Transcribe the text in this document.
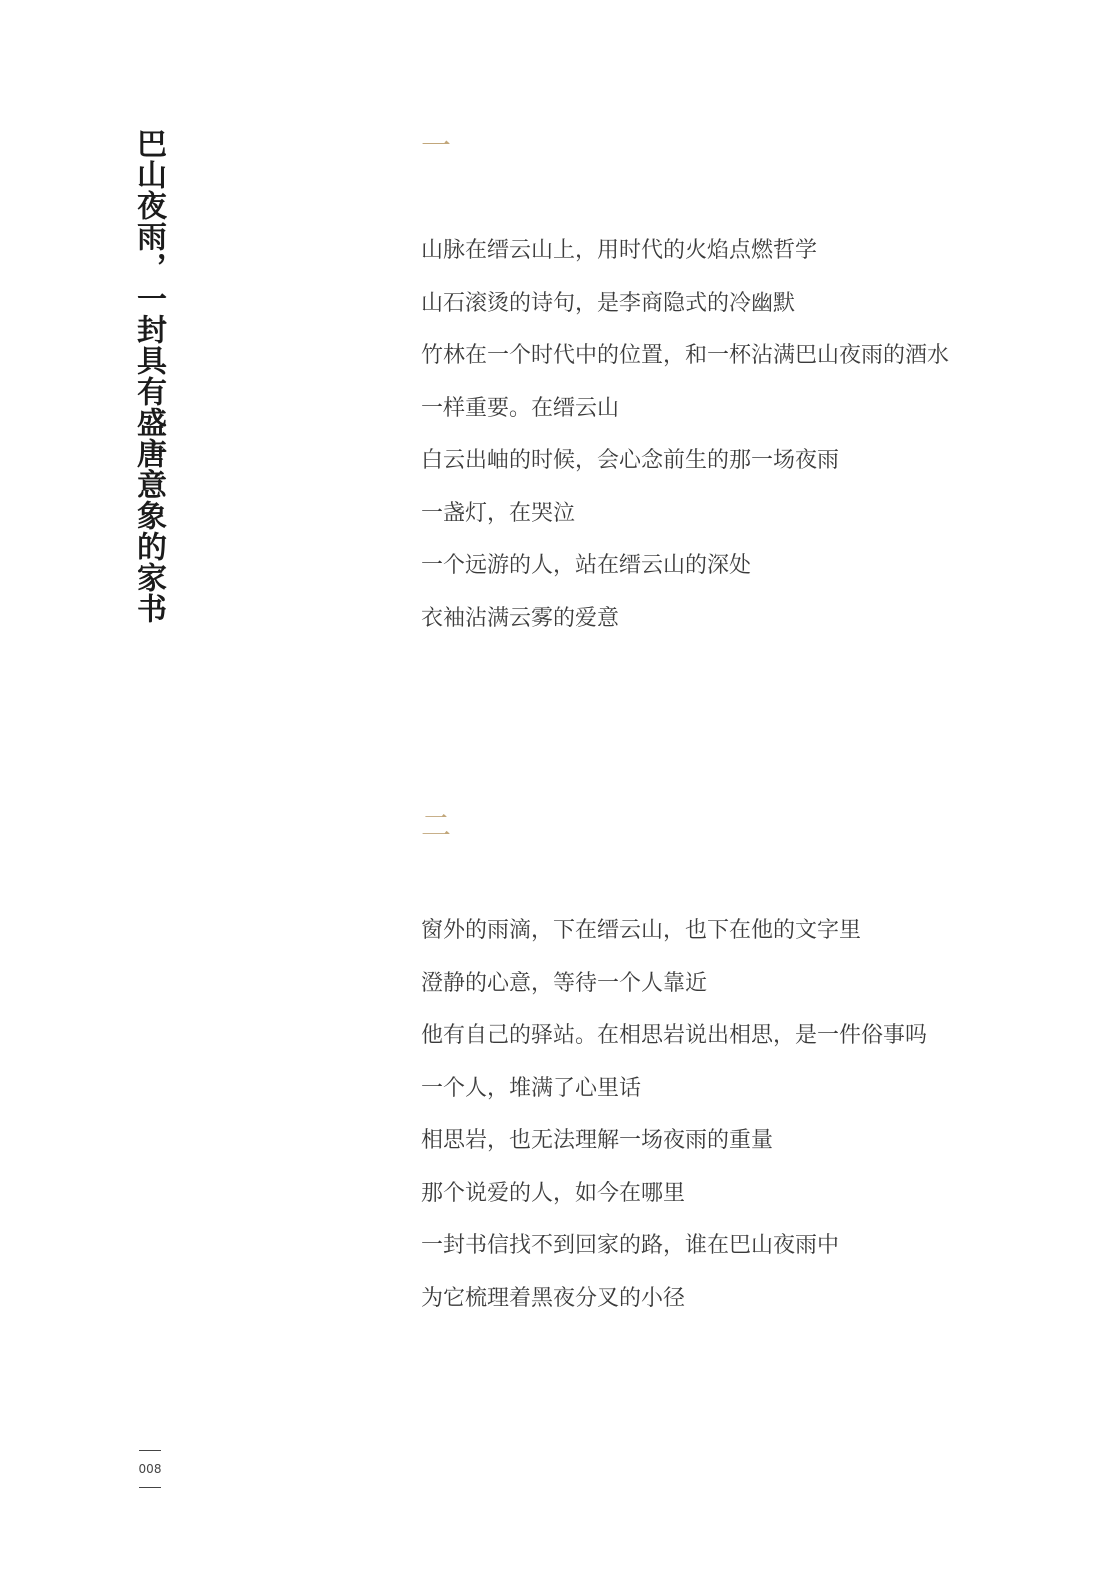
巴山夜雨，一封具有盛唐意象的家书	一
山脉在缙云山上，用时代的火焰点燃哲学
山石滚烫的诗句，是李商隐式的冷幽默
竹林在一个时代中的位置，和一杯沾满巴山夜雨的酒水
一样重要。在缙云山
白云出岫的时候，会心念前生的那一场夜雨
一盏灯，在哭泣
一个远游的人，站在缙云山的深处
衣袖沾满云雾的爱意
二
窗外的雨滴，下在缙云山，也下在他的文字里
澄静的心意，等待一个人靠近
他有自己的驿站。在相思岩说出相思，是一件俗事吗
一个人，堆满了心里话
相思岩，也无法理解一场夜雨的重量
那个说爱的人，如今在哪里
一封书信找不到回家的路，谁在巴山夜雨中
为它梳理着黑夜分叉的小径
008
